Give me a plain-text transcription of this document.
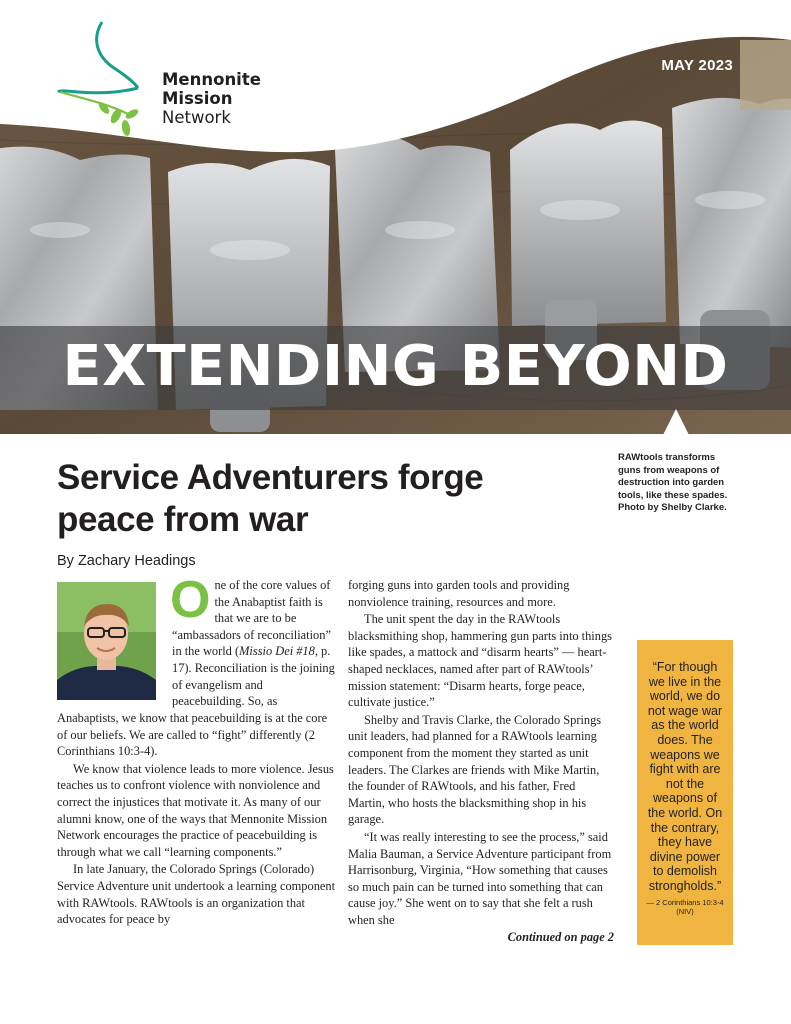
EXTENDING BEYOND
MAY 2023
Mennonite
Mission
Network
RAWtools transforms guns from weapons of destruction into garden tools, like these spades. Photo by Shelby Clarke.
Service Adventurers forge peace from war
By Zachary Headings

One of the core values of the Anabaptist faith is that we are to be “ambassadors of reconciliation” in the world (Missio Dei #18, p. 17). Reconciliation is the joining of evangelism and peacebuilding. So, as

Anabaptists, we know that peacebuilding is at the core of our beliefs. We are called to “fight” differently (2 Corinthians 10:3-4).

We know that violence leads to more violence. Jesus teaches us to confront violence with nonviolence and correct the injustices that motivate it. As many of our alumni know, one of the ways that Mennonite Mission Network encourages the practice of peacebuilding is through what we call “learning components.”

In late January, the Colorado Springs (Colorado) Service Adventure unit undertook a learning component with RAWtools. RAWtools is an organization that advocates for peace by

forging guns into garden tools and providing nonviolence training, resources and more.

The unit spent the day in the RAWtools blacksmithing shop, hammering gun parts into things like spades, a mattock and “disarm hearts” — heart-shaped necklaces, named after part of RAWtools’ mission statement: “Disarm hearts, forge peace, cultivate justice.”

Shelby and Travis Clarke, the Colorado Springs unit leaders, had planned for a RAWtools learning component from the moment they started as unit leaders. The Clarkes are friends with Mike Martin, the founder of RAWtools, and his father, Fred Martin, who hosts the blacksmithing shop in his garage.

“It was really interesting to see the process,” said Malia Bauman, a Service Adventure participant from Harrisonburg, Virginia, “How something that causes so much pain can be turned into something that can cause joy.” She went on to say that she felt a rush when she

Continued on page 2

“For though we live in the world, we do not wage war as the world does. The weapons we fight with are not the weapons of the world. On the contrary, they have divine power to demolish strongholds.”
— 2 Corinthians 10:3-4 (NIV)
